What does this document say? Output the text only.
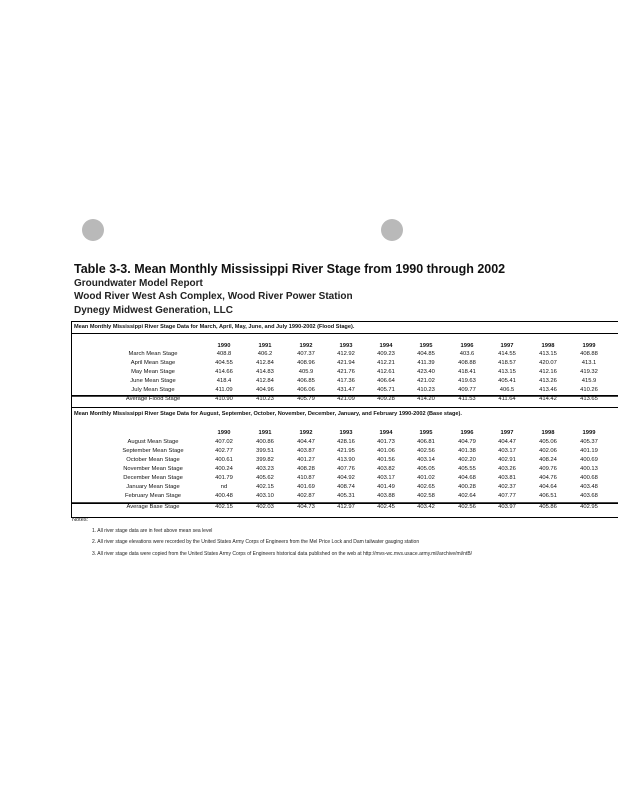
Table 3-3. Mean Monthly Mississippi River Stage from 1990 through 2002
Groundwater Model Report
Wood River West Ash Complex, Wood River Power Station
Dynegy Midwest Generation, LLC
Mean Monthly Mississippi River Stage Data for March, April, May, June, and July 1990-2002 (Flood Stage).
1990	1991	1992	1993	1994	1995	1996	1997	1998	1999
March Mean Stage	408.8	406.2	407.37	412.92	409.23	404.85	403.6	414.55	413.15	408.88
April Mean Stage	404.55	412.84	408.96	421.94	412.21	411.39	408.88	418.57	420.07	413.1
May Mean Stage	414.66	414.83	405.9	421.76	412.61	423.40	418.41	413.15	412.16	419.32
June Mean Stage	418.4	412.84	406.85	417.36	406.64	421.02	419.63	405.41	413.26	415.9
July Mean Stage	411.09	404.96	406.06	431.47	405.71	410.23	409.77	406.5	413.46	410.26
Average Flood Stage	410.90	410.23	405.79	421.09	409.28	414.20	411.53	411.64	414.42	413.65
Mean Monthly Mississippi River Stage Data for August, September, October, November, December, January, and February 1990-2002 (Base stage).
1990	1991	1992	1993	1994	1995	1996	1997	1998	1999
August Mean Stage	407.02	400.86	404.47	428.16	401.73	406.81	404.79	404.47	405.06	405.37
September Mean Stage	402.77	399.51	403.87	421.95	401.06	402.56	401.38	403.17	402.06	401.19
October Mean Stage	400.61	399.82	401.27	413.90	401.56	403.14	402.20	402.91	408.24	400.69
November Mean Stage	400.24	403.23	408.28	407.76	403.82	405.05	405.55	403.26	409.76	400.13
December Mean Stage	401.79	405.62	410.87	404.92	403.17	401.02	404.68	403.81	404.76	400.68
January Mean Stage	nd	402.15	401.69	408.74	401.49	402.65	400.28	402.37	404.64	403.48
February Mean Stage	400.48	403.10	402.87	405.31	403.88	402.58	402.64	407.77	406.51	403.68
Average Base Stage	402.15	402.03	404.73	412.97	402.45	403.42	402.56	403.97	405.86	402.95
Notes:
1. All river stage data are in feet above mean sea level
2. All river stage elevations were recorded by the United States Army Corps of Engineers from the Mel Price Lock and Dam tailwater gauging station
3. All river stage data were copied from the United States Army Corps of Engineers historical data published on the web at http://mvs-wc.mvs.usace.army.mil/archive/mi/ntB/
